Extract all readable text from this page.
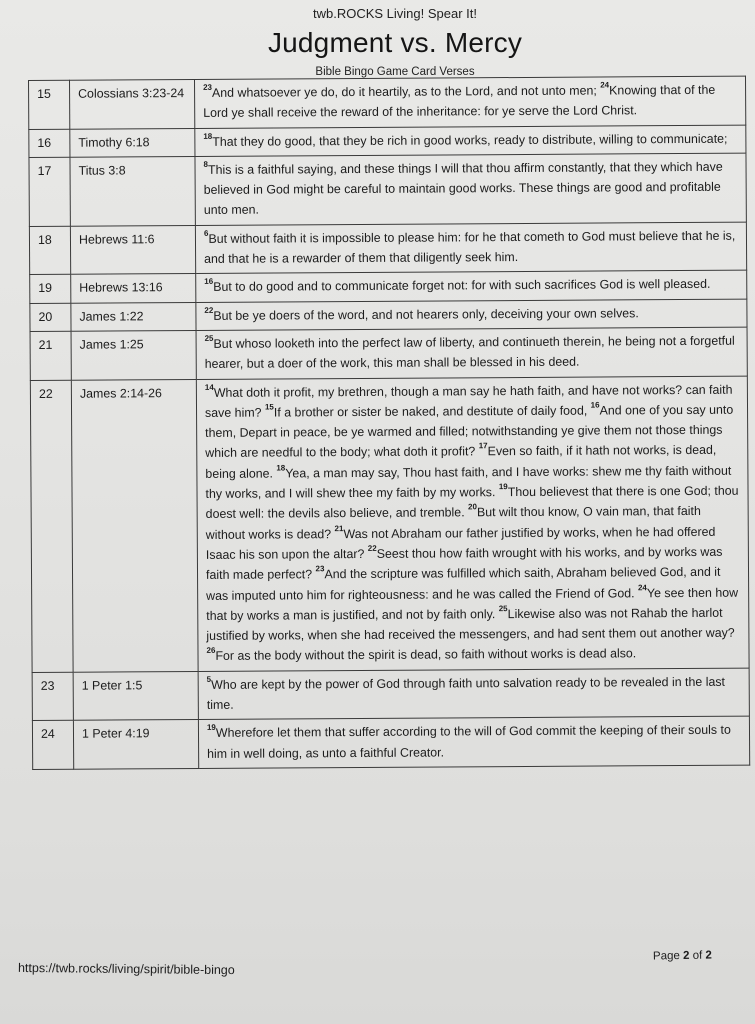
twb.ROCKS Living! Spear It!
Judgment vs. Mercy
Bible Bingo Game Card Verses
15	Colossians 3:23-24	$^{23}$And whatsoever ye do, do it heartily, as to the Lord, and not unto men; $^{24}$Knowing that of the Lord ye shall receive the reward of the inheritance: for ye serve the Lord Christ.
16	Timothy 6:18	$^{18}$That they do good, that they be rich in good works, ready to distribute, willing to communicate;
17	Titus 3:8	$^8$This is a faithful saying, and these things I will that thou affirm constantly, that they which have believed in God might be careful to maintain good works. These things are good and profitable unto men.
18	Hebrews 11:6	$^6$But without faith it is impossible to please him: for he that cometh to God must believe that he is, and that he is a rewarder of them that diligently seek him.
19	Hebrews 13:16	$^{16}$But to do good and to communicate forget not: for with such sacrifices God is well pleased.
20	James 1:22	$^{22}$But be ye doers of the word, and not hearers only, deceiving your own selves.
21	James 1:25	$^{25}$But whoso looketh into the perfect law of liberty, and continueth therein, he being not a forgetful hearer, but a doer of the work, this man shall be blessed in his deed.
22	James 2:14-26	$^{14}$What doth it profit, my brethren, though a man say he hath faith, and have not works? can faith save him? $^{15}$If a brother or sister be naked, and destitute of daily food, $^{16}$And one of you say unto them, Depart in peace, be ye warmed and filled; notwithstanding ye give them not those things which are needful to the body; what doth it profit? $^{17}$Even so faith, if it hath not works, is dead, being alone. $^{18}$Yea, a man may say, Thou hast faith, and I have works: shew me thy faith without thy works, and I will shew thee my faith by my works. $^{19}$Thou believest that there is one God; thou doest well: the devils also believe, and tremble. $^{20}$But wilt thou know, O vain man, that faith without works is dead? $^{21}$Was not Abraham our father justified by works, when he had offered Isaac his son upon the altar? $^{22}$Seest thou how faith wrought with his works, and by works was faith made perfect? $^{23}$And the scripture was fulfilled which saith, Abraham believed God, and it was imputed unto him for righteousness: and he was called the Friend of God. $^{24}$Ye see then how that by works a man is justified, and not by faith only. $^{25}$Likewise also was not Rahab the harlot justified by works, when she had received the messengers, and had sent them out another way? $^{26}$For as the body without the spirit is dead, so faith without works is dead also.
23	1 Peter 1:5	$^5$Who are kept by the power of God through faith unto salvation ready to be revealed in the last time.
24	1 Peter 4:19	$^{19}$Wherefore let them that suffer according to the will of God commit the keeping of their souls to him in well doing, as unto a faithful Creator.
https://twb.rocks/living/spirit/bible-bingo
Page 2 of 2
